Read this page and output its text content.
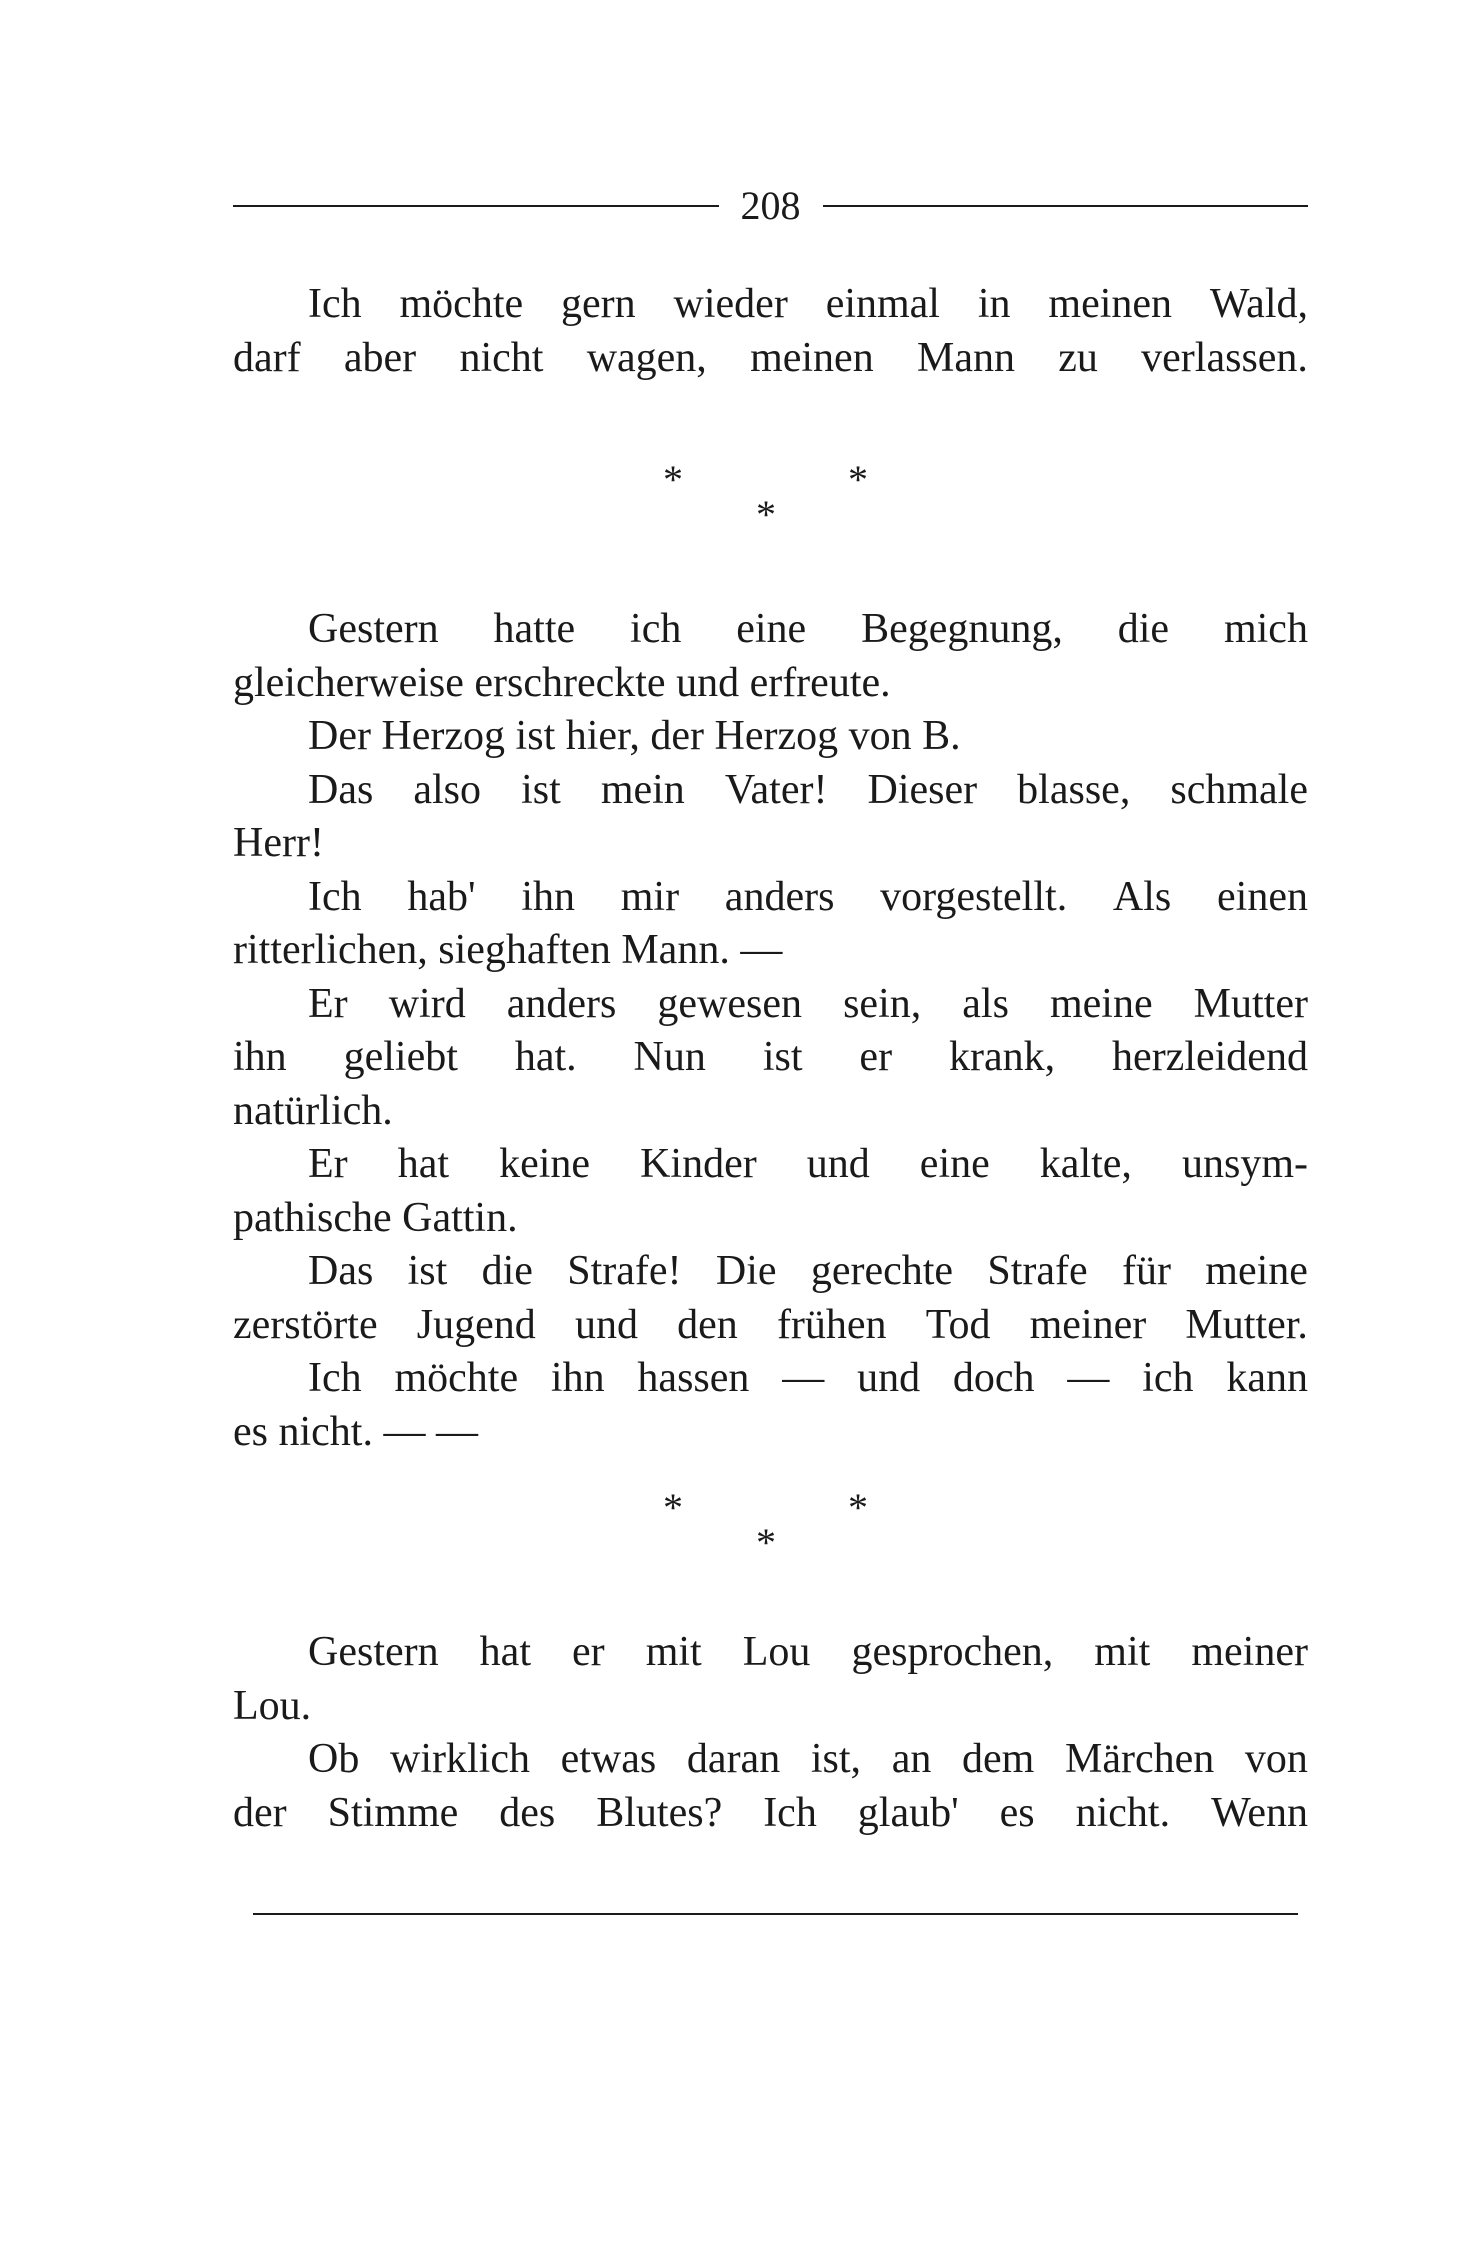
208
Ich möchte gern wieder einmal in meinen Wald,
darf aber nicht wagen, meinen Mann zu verlassen.
*	*
*
Gestern hatte ich eine Begegnung, die mich
gleicherweise erschreckte und erfreute.
Der Herzog ist hier, der Herzog von B.
Das also ist mein Vater! Dieser blasse, schmale
Herr!
Ich hab' ihn mir anders vorgestellt. Als einen
ritterlichen, sieghaften Mann. —
Er wird anders gewesen sein, als meine Mutter
ihn geliebt hat. Nun ist er krank, herzleidend
natürlich.
Er hat keine Kinder und eine kalte, unsym-
pathische Gattin.
Das ist die Strafe! Die gerechte Strafe für meine
zerstörte Jugend und den frühen Tod meiner Mutter.
Ich möchte ihn hassen — und doch — ich kann
es nicht. — —
*	*
*
Gestern hat er mit Lou gesprochen, mit meiner
Lou.
Ob wirklich etwas daran ist, an dem Märchen von
der Stimme des Blutes? Ich glaub' es nicht. Wenn
